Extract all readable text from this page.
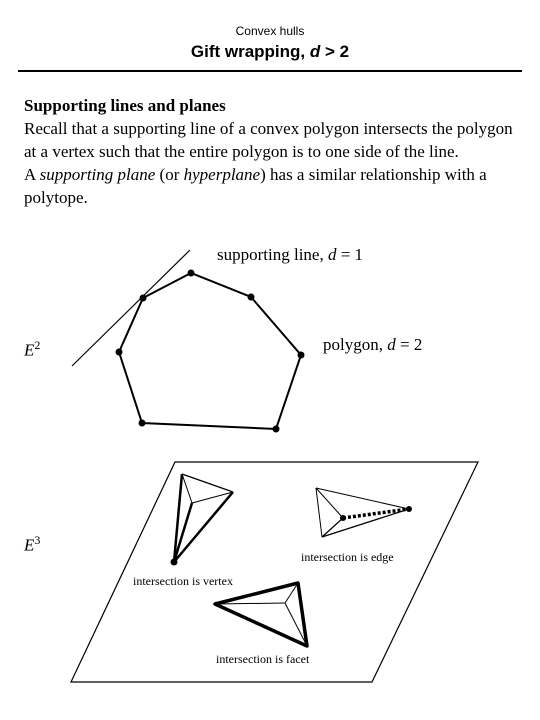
Convex hulls
Gift wrapping, d > 2

Supporting lines and planes

Recall that a supporting line of a convex polygon intersects the polygon at a vertex such that the entire polygon is to one side of the line.

A supporting plane (or hyperplane) has a similar relationship with a polytope.

supporting line, d = 1
polygon, d = 2
$E^2$
$E^3$
intersection is edge
intersection is vertex
intersection is facet
